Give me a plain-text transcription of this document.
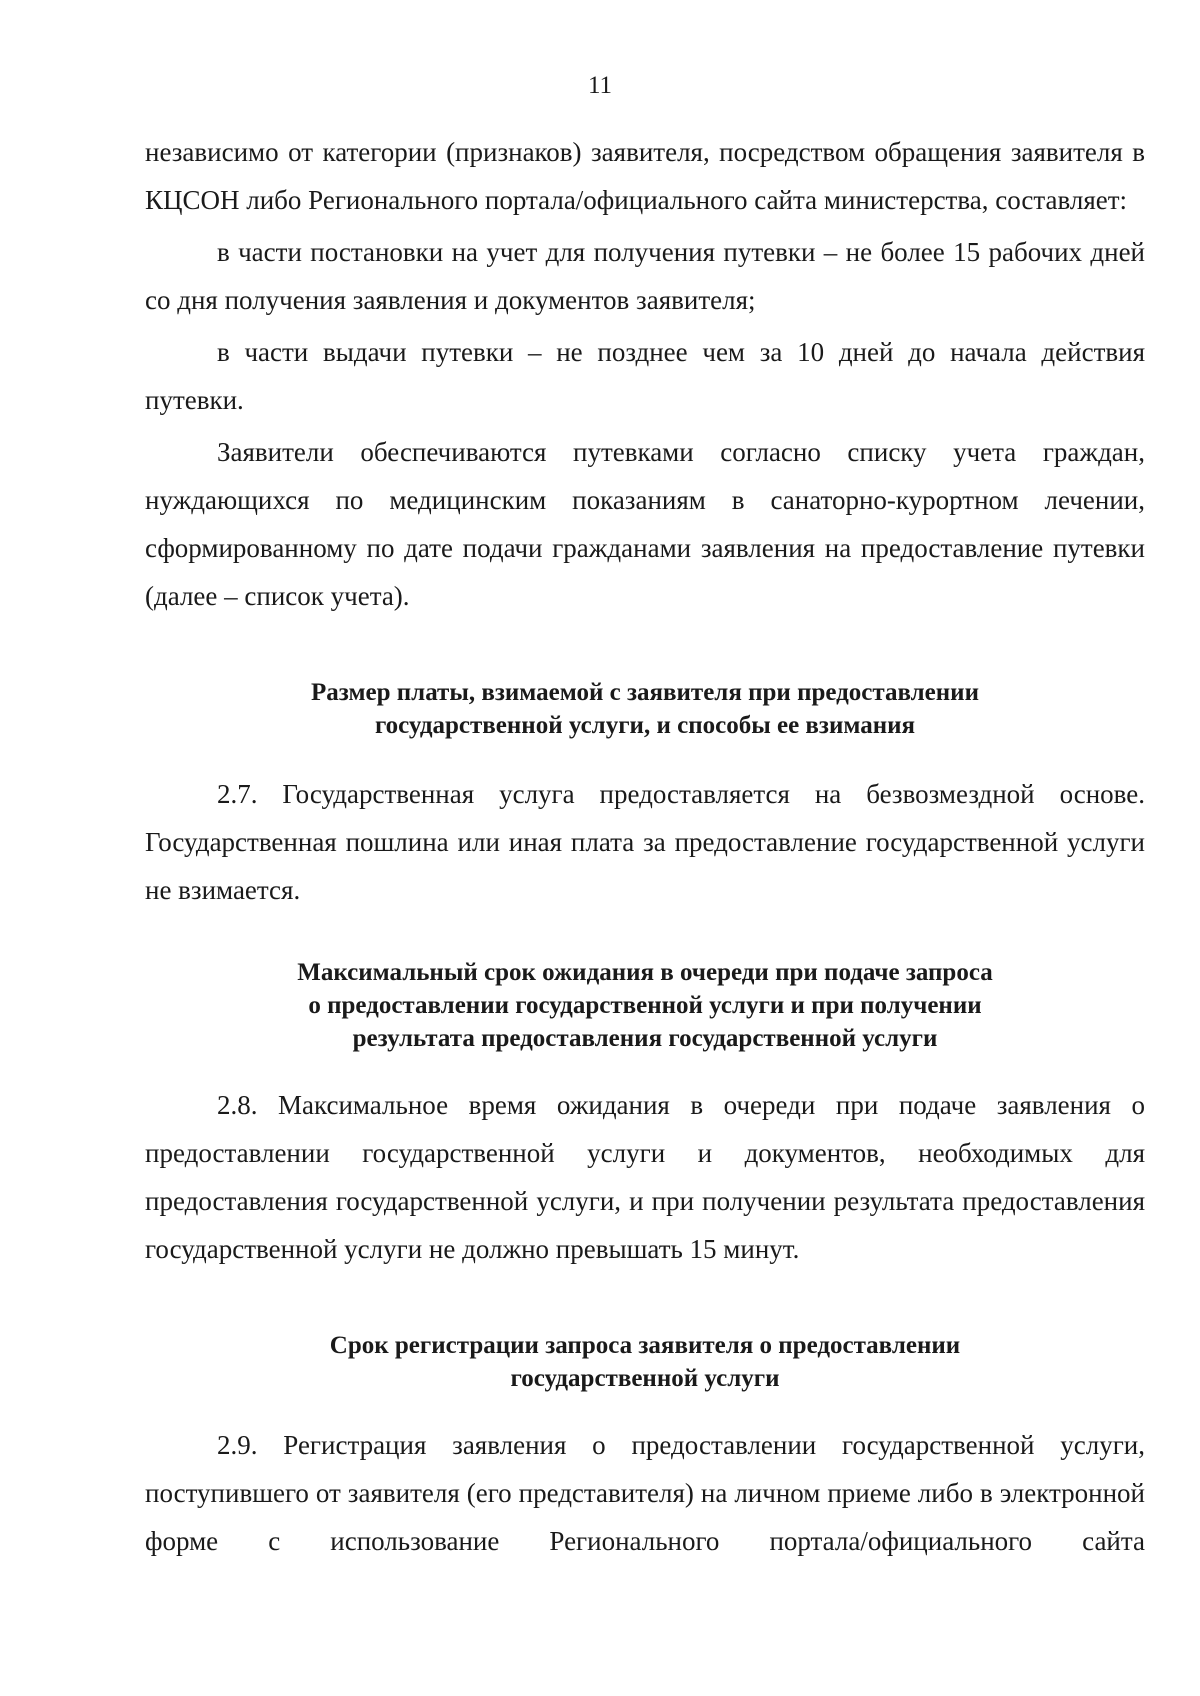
11

независимо от категории (признаков) заявителя, посредством обращения заявителя в КЦСОН либо Регионального портала/официального сайта министерства, составляет:

в части постановки на учет для получения путевки – не более 15 рабочих дней со дня получения заявления и документов заявителя;

в части выдачи путевки – не позднее чем за 10 дней до начала действия путевки.

Заявители обеспечиваются путевками согласно списку учета граждан, нуждающихся по медицинским показаниям в санаторно-курортном лечении, сформированному по дате подачи гражданами заявления на предоставление путевки (далее – список учета).

Размер платы, взимаемой с заявителя при предоставлении
государственной услуги, и способы ее взимания

2.7. Государственная услуга предоставляется на безвозмездной основе. Государственная пошлина или иная плата за предоставление государственной услуги не взимается.

Максимальный срок ожидания в очереди при подаче запроса
о предоставлении государственной услуги и при получении
результата предоставления государственной услуги

2.8. Максимальное время ожидания в очереди при подаче заявления о предоставлении государственной услуги и документов, необходимых для предоставления государственной услуги, и при получении результата предоставления государственной услуги не должно превышать 15 минут.

Срок регистрации запроса заявителя о предоставлении
государственной услуги

2.9. Регистрация заявления о предоставлении государственной услуги, поступившего от заявителя (его представителя) на личном приеме либо в электронной форме с использование Регионального портала/официального сайта
